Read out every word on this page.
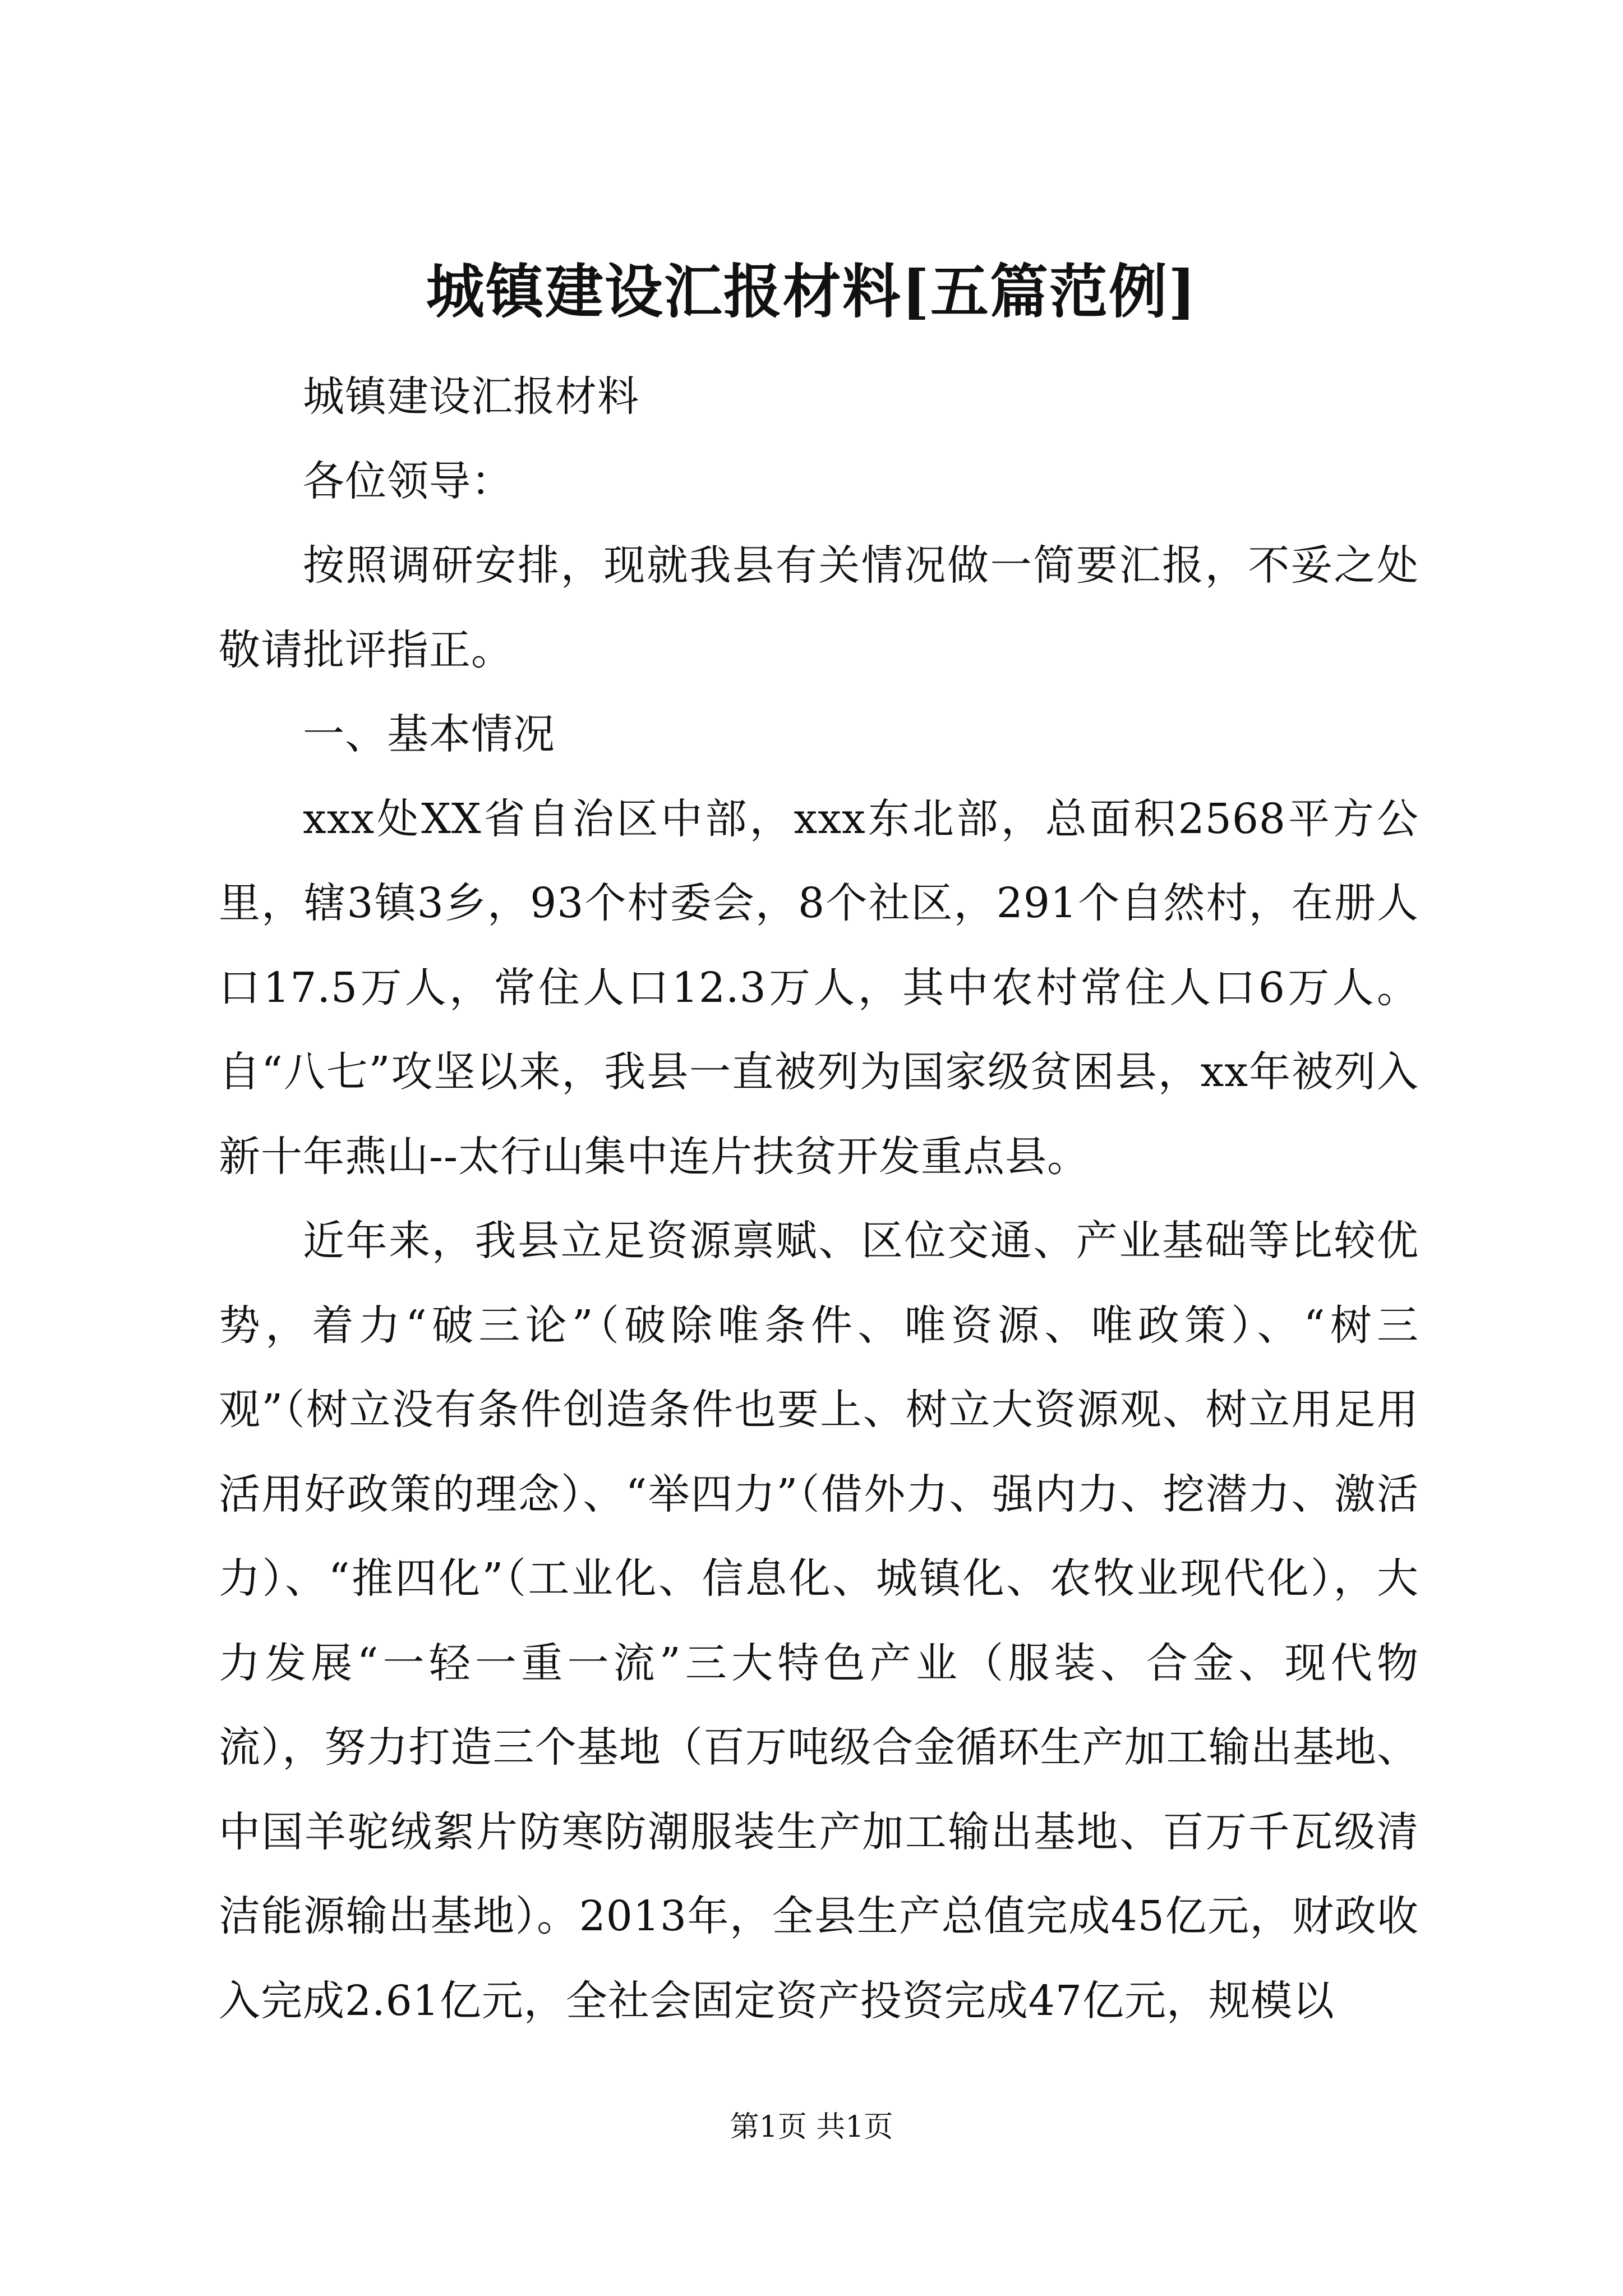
城镇建设汇报材料[五篇范例]

城镇建设汇报材料

各位领导：

按照调研安排，现就我县有关情况做一简要汇报，不妥之处敬请批评指正。

一、基本情况

xxx处XX省自治区中部，xxx东北部，总面积2568平方公里，辖3镇3乡，93个村委会，8个社区，291个自然村，在册人口17.5万人，常住人口12.3万人，其中农村常住人口6万人。自“八七”攻坚以来，我县一直被列为国家级贫困县，xx年被列入新十年燕山--太行山集中连片扶贫开发重点县。

近年来，我县立足资源禀赋、区位交通、产业基础等比较优势，着力“破三论”（破除唯条件、唯资源、唯政策）、“树三观”（树立没有条件创造条件也要上、树立大资源观、树立用足用活用好政策的理念）、“举四力”（借外力、强内力、挖潜力、激活力）、“推四化”（工业化、信息化、城镇化、农牧业现代化），大力发展“一轻一重一流”三大特色产业（服装、合金、现代物流），努力打造三个基地（百万吨级合金循环生产加工输出基地、中国羊驼绒絮片防寒防潮服装生产加工输出基地、百万千瓦级清洁能源输出基地）。2013年，全县生产总值完成45亿元，财政收入完成2.61亿元，全社会固定资产投资完成47亿元，规模以

第1页 共1页
